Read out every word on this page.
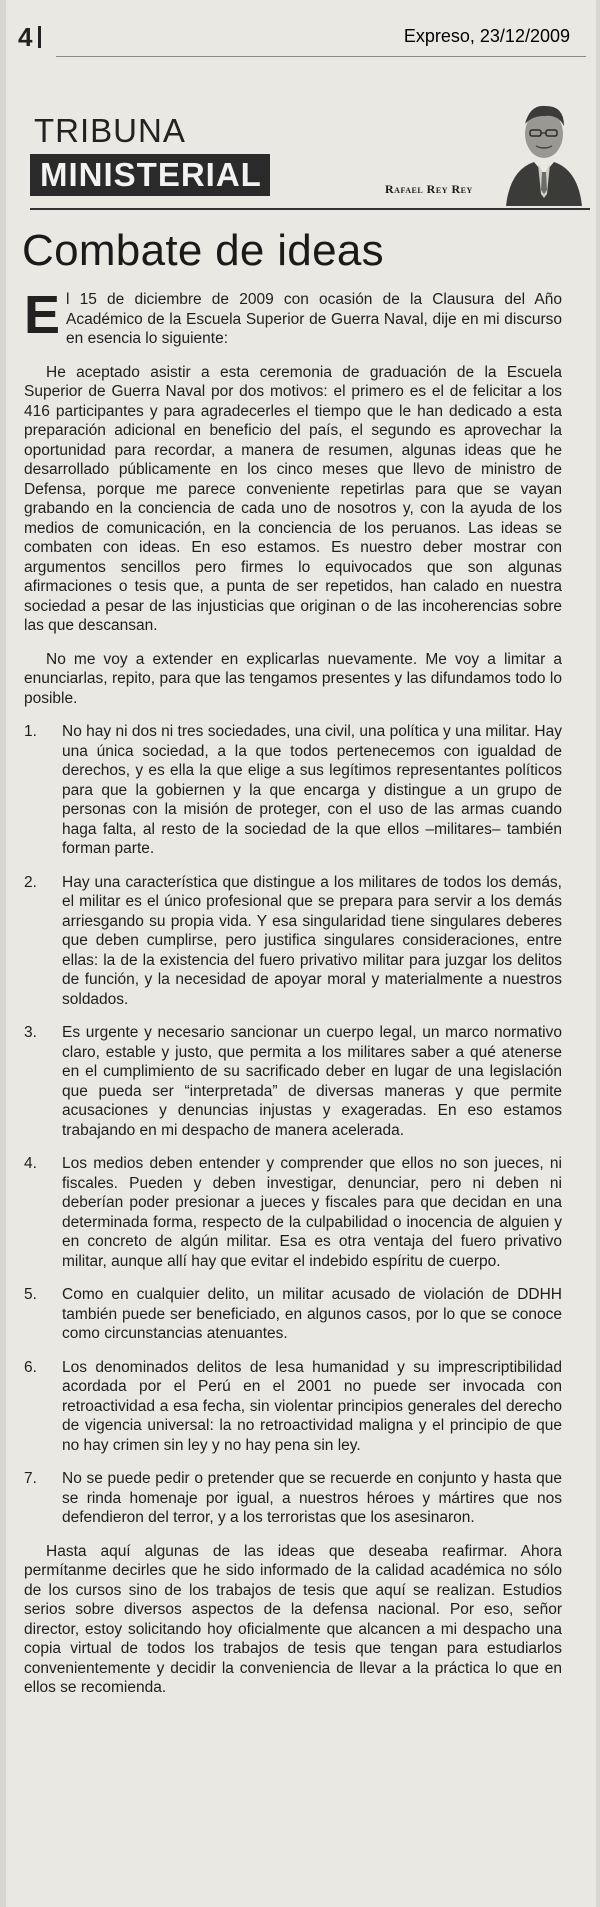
4	Expreso, 23/12/2009
TRIBUNA
MINISTERIAL	Rafael Rey Rey
Combate de ideas

El 15 de diciembre de 2009 con ocasión de la Clausura del Año Académico de la Escuela Superior de Guerra Naval, dije en mi discurso en esencia lo siguiente:

He aceptado asistir a esta ceremonia de graduación de la Escuela Superior de Guerra Naval por dos motivos: el primero es el de felicitar a los 416 participantes y para agradecerles el tiempo que le han dedicado a esta preparación adicional en beneficio del país, el segundo es aprovechar la oportunidad para recordar, a manera de resumen, algunas ideas que he desarrollado públicamente en los cinco meses que llevo de ministro de Defensa, porque me parece conveniente repetirlas para que se vayan grabando en la conciencia de cada uno de nosotros y, con la ayuda de los medios de comunicación, en la conciencia de los peruanos. Las ideas se combaten con ideas. En eso estamos. Es nuestro deber mostrar con argumentos sencillos pero firmes lo equivocados que son algunas afirmaciones o tesis que, a punta de ser repetidos, han calado en nuestra sociedad a pesar de las injusticias que originan o de las incoherencias sobre las que descansan.

No me voy a extender en explicarlas nuevamente. Me voy a limitar a enunciarlas, repito, para que las tengamos presentes y las difundamos todo lo posible.

1. No hay ni dos ni tres sociedades, una civil, una política y una militar. Hay una única sociedad, a la que todos pertenecemos con igualdad de derechos, y es ella la que elige a sus legítimos representantes políticos para que la gobiernen y la que encarga y distingue a un grupo de personas con la misión de proteger, con el uso de las armas cuando haga falta, al resto de la sociedad de la que ellos –militares– también forman parte.
2. Hay una característica que distingue a los militares de todos los demás, el militar es el único profesional que se prepara para servir a los demás arriesgando su propia vida. Y esa singularidad tiene singulares deberes que deben cumplirse, pero justifica singulares consideraciones, entre ellas: la de la existencia del fuero privativo militar para juzgar los delitos de función, y la necesidad de apoyar moral y materialmente a nuestros soldados.
3. Es urgente y necesario sancionar un cuerpo legal, un marco normativo claro, estable y justo, que permita a los militares saber a qué atenerse en el cumplimiento de su sacrificado deber en lugar de una legislación que pueda ser “interpretada” de diversas maneras y que permite acusaciones y denuncias injustas y exageradas. En eso estamos trabajando en mi despacho de manera acelerada.
4. Los medios deben entender y comprender que ellos no son jueces, ni fiscales. Pueden y deben investigar, denunciar, pero ni deben ni deberían poder presionar a jueces y fiscales para que decidan en una determinada forma, respecto de la culpabilidad o inocencia de alguien y en concreto de algún militar. Esa es otra ventaja del fuero privativo militar, aunque allí hay que evitar el indebido espíritu de cuerpo.
5. Como en cualquier delito, un militar acusado de violación de DDHH también puede ser beneficiado, en algunos casos, por lo que se conoce como circunstancias atenuantes.
6. Los denominados delitos de lesa humanidad y su imprescriptibilidad acordada por el Perú en el 2001 no puede ser invocada con retroactividad a esa fecha, sin violentar principios generales del derecho de vigencia universal: la no retroactividad maligna y el principio de que no hay crimen sin ley y no hay pena sin ley.
7. No se puede pedir o pretender que se recuerde en conjunto y hasta que se rinda homenaje por igual, a nuestros héroes y mártires que nos defendieron del terror, y a los terroristas que los asesinaron.

Hasta aquí algunas de las ideas que deseaba reafirmar. Ahora permítanme decirles que he sido informado de la calidad académica no sólo de los cursos sino de los trabajos de tesis que aquí se realizan. Estudios serios sobre diversos aspectos de la defensa nacional. Por eso, señor director, estoy solicitando hoy oficialmente que alcancen a mi despacho una copia virtual de todos los trabajos de tesis que tengan para estudiarlos convenientemente y decidir la conveniencia de llevar a la práctica lo que en ellos se recomienda.
